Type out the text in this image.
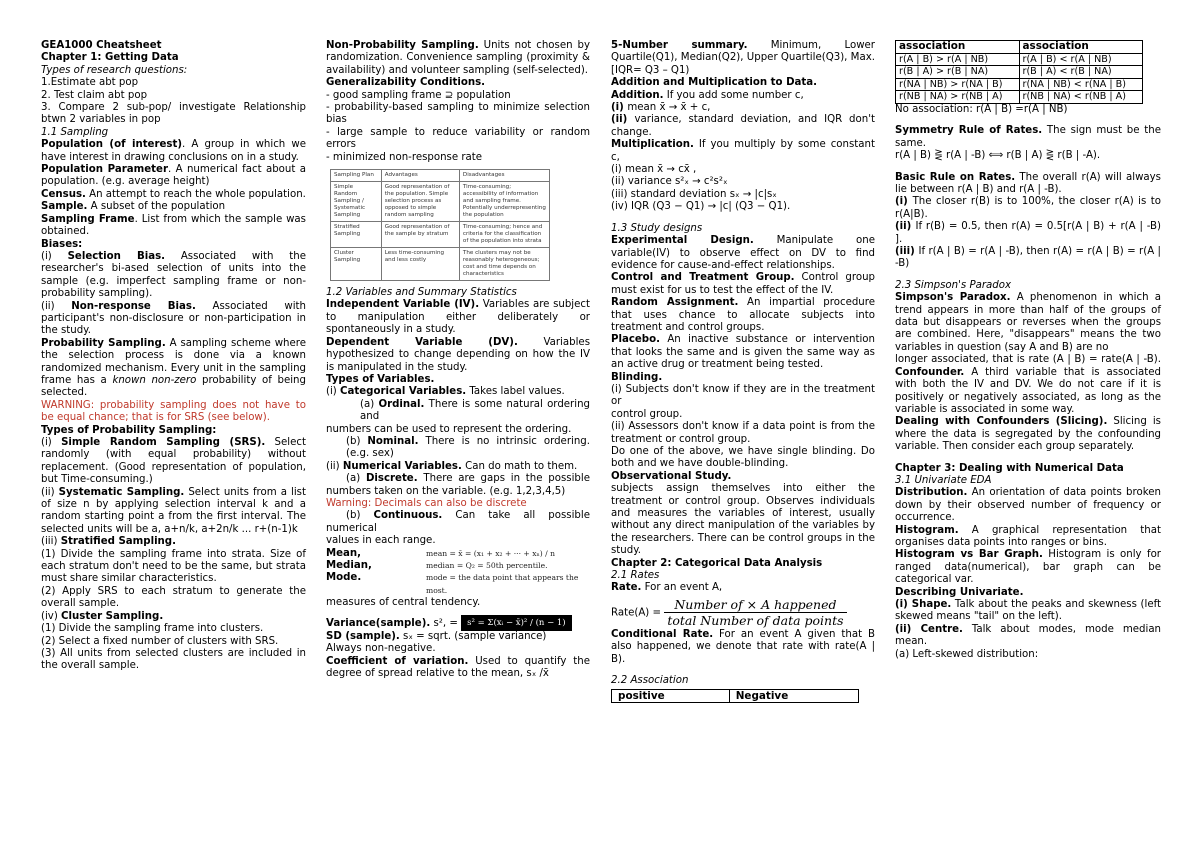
GEA1000 Cheatsheet

Chapter 1: Getting Data

Types of research questions:

1.Estimate abt pop

2. Test claim abt pop

3. Compare 2 sub-pop/ investigate Relationship btwn 2 variables in pop

1.1 Sampling

Population (of interest). A group in which we have interest in drawing conclusions on in a study.

Population Parameter. A numerical fact about a population. (e.g. average height)

Census. An attempt to reach the whole population.

Sample. A subset of the population

Sampling Frame. List from which the sample was obtained.

Biases:

(i) Selection Bias. Associated with the researcher's bi-ased selection of units into the sample (e.g. imperfect sampling frame or non-probability sampling).

(ii) Non-response Bias. Associated with participant's non-disclosure or non-participation in the study.

Probability Sampling. A sampling scheme where the selection process is done via a known randomized mechanism. Every unit in the sampling frame has a known non-zero probability of being selected.

WARNING: probability sampling does not have to be equal chance; that is for SRS (see below).

Types of Probability Sampling:

(i) Simple Random Sampling (SRS). Select randomly (with equal probability) without replacement. (Good representation of population, but Time-consuming.)

(ii) Systematic Sampling. Select units from a list of size n by applying selection interval k and a random starting point a from the first interval. The selected units will be a, a+n/k, a+2n/k ... r+(n-1)k

(iii) Stratified Sampling.

(1) Divide the sampling frame into strata. Size of each stratum don't need to be the same, but strata must share similar characteristics.

(2) Apply SRS to each stratum to generate the overall sample.

(iv) Cluster Sampling.

(1) Divide the sampling frame into clusters.

(2) Select a fixed number of clusters with SRS.

(3) All units from selected clusters are included in the overall sample.

Non-Probability Sampling. Units not chosen by randomization. Convenience sampling (proximity & availability) and volunteer sampling (self-selected).

Generalizability Conditions.

- good sampling frame ⊇ population

- probability-based sampling to minimize selection bias

- large sample to reduce variability or random errors

- minimized non-response rate

Sampling Plan	Advantages	Disadvantages
Simple Random Sampling / Systematic Sampling	Good representation of the population. Simple selection process as opposed to simple random sampling	Time-consuming; accessibility of information and sampling frame. Potentially underrepresenting the population
Stratified Sampling	Good representation of the sample by stratum	Time-consuming; hence and criteria for the classification of the population into strata
Cluster Sampling	Less time-consuming and less costly	The clusters may not be reasonably heterogeneous; cost and time depends on characteristics

1.2 Variables and Summary Statistics

Independent Variable (IV). Variables are subject to manipulation either deliberately or spontaneously in a study.

Dependent Variable (DV). Variables hypothesized to change depending on how the IV is manipulated in the study.

Types of Variables.

(i) Categorical Variables. Takes label values.

(a) Ordinal. There is some natural ordering and

numbers can be used to represent the ordering.

(b) Nominal. There is no intrinsic ordering. (e.g. sex)

(ii) Numerical Variables. Can do math to them.

(a) Discrete. There are gaps in the possible numbers taken on the variable. (e.g. 1,2,3,4,5)

Warning: Decimals can also be discrete

(b) Continuous. Can take all possible numerical

values in each range.

Mean,

Median,

Mode.

mean = x̄ = (x₁ + x₂ + ··· + xₙ) / n
median = Q₂ = 50th percentile.
mode = the data point that appears the most.

measures of central tendency.

Variance(sample). s², = s² = Σ(xᵢ − x̄)² / (n − 1)

SD (sample). sₓ = sqrt. (sample variance)

Always non-negative.

Coefficient of variation. Used to quantify the degree of spread relative to the mean, sₓ /x̄

5-Number summary. Minimum, Lower Quartile(Q1), Median(Q2), Upper Quartile(Q3), Max. [IQR= Q3 – Q1)

Addition and Multiplication to Data.

Addition. If you add some number c,

(i) mean x̄ → x̄ + c,

(ii) variance, standard deviation, and IQR don't change.

Multiplication. If you multiply by some constant c,

(i) mean x̄ → cx̄ ,

(ii) variance s²ₓ → c²s²ₓ

(iii) standard deviation sₓ → |c|sₓ

(iv) IQR (Q3 − Q1) → |c| (Q3 − Q1).

1.3 Study designs

Experimental Design. Manipulate one variable(IV) to observe effect on DV to find evidence for cause-and-effect relationships.

Control and Treatment Group. Control group must exist for us to test the effect of the IV.

Random Assignment. An impartial procedure that uses chance to allocate subjects into treatment and control groups.

Placebo. An inactive substance or intervention that looks the same and is given the same way as an active drug or treatment being tested.

Blinding.

(i) Subjects don't know if they are in the treatment or

control group.

(ii) Assessors don't know if a data point is from the treatment or control group.

Do one of the above, we have single blinding. Do both and we have double-blinding.

Observational Study.

subjects assign themselves into either the treatment or control group. Observes individuals and measures the variables of interest, usually without any direct manipulation of the variables by the researchers. There can be control groups in the study.

Chapter 2: Categorical Data Analysis

2.1 Rates

Rate. For an event A,

Rate(A) = $\frac{\text{Number of × A happened}}{\text{total Number of data points}}$

Conditional Rate. For an event A given that B also happened, we denote that rate with rate(A | B).

2.2 Association

positive	Negative
association	association
r(A | B) > r(A | NB)	r(A | B) < r(A | NB)
r(B | A) > r(B | NA)	r(B | A) < r(B | NA)
r(NA | NB) > r(NA | B)	r(NA | NB) < r(NA | B)
r(NB | NA) > r(NB | A)	r(NB | NA) < r(NB | A)

No association: r(A | B) =r(A | NB)

Symmetry Rule of Rates. The sign must be the same.

r(A | B) ⋛ r(A | -B) ⟺ r(B | A) ⋛ r(B | -A).

Basic Rule on Rates. The overall r(A) will always lie between r(A | B) and r(A | -B).

(i) The closer r(B) is to 100%, the closer r(A) is to r(A|B).

(ii) If r(B) = 0.5, then r(A) = 0.5[r(A | B) + r(A | -B) ].

(iii) If r(A | B) = r(A | -B), then r(A) = r(A | B) = r(A | -B)

2.3 Simpson's Paradox

Simpson's Paradox. A phenomenon in which a trend appears in more than half of the groups of data but disappears or reverses when the groups are combined. Here, "disappears" means the two variables in question (say A and B) are no

longer associated, that is rate (A | B) = rate(A | -B). Confounder. A third variable that is associated with both the IV and DV. We do not care if it is positively or negatively associated, as long as the variable is associated in some way.

Dealing with Confounders (Slicing). Slicing is where the data is segregated by the confounding variable. Then consider each group separately.

Chapter 3: Dealing with Numerical Data

3.1 Univariate EDA

Distribution. An orientation of data points broken down by their observed number of frequency or occurrence.

Histogram. A graphical representation that organises data points into ranges or bins.

Histogram vs Bar Graph. Histogram is only for ranged data(numerical), bar graph can be categorical var.

Describing Univariate.

(i) Shape. Talk about the peaks and skewness (left skewed means "tail" on the left).

(ii) Centre. Talk about modes, mode median mean.

(a) Left-skewed distribution:
